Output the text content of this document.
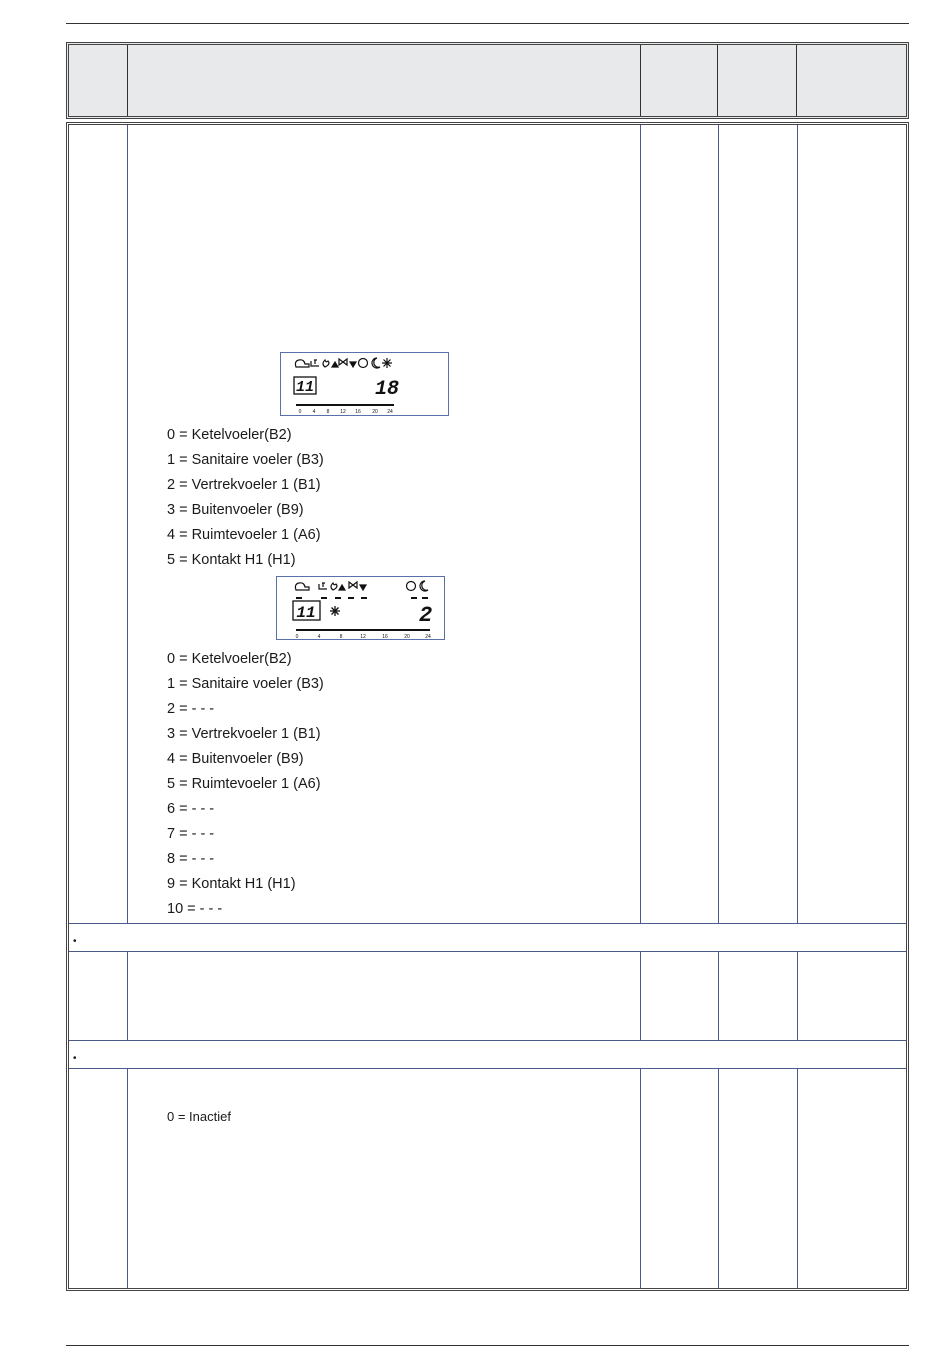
•
•
11	18
0 4 8 12 16 20 24
0 = Ketelvoeler(B2)
1 = Sanitaire voeler (B3)
2 = Vertrekvoeler 1 (B1)
3 = Buitenvoeler (B9)
4 = Ruimtevoeler 1 (A6)
5 = Kontakt H1 (H1)
11	2
0	4	8	12	16	20	24
0 = Ketelvoeler(B2)
1 = Sanitaire voeler (B3)
2 = - - -
3 = Vertrekvoeler 1 (B1)
4 = Buitenvoeler (B9)
5 = Ruimtevoeler 1 (A6)
6 = - - -
7 = - - -
8 = - - -
9 = Kontakt H1 (H1)
10 = - - -
0 = Inactief
